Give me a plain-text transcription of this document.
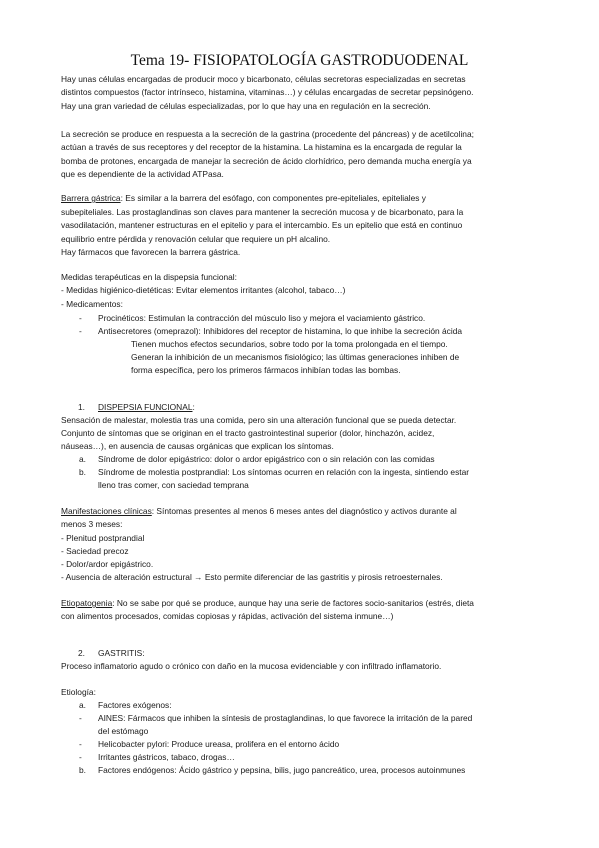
Tema 19- FISIOPATOLOGÍA GASTRODUODENAL
Hay unas células encargadas de producir moco y bicarbonato, células secretoras especializadas en secretas
distintos compuestos (factor intrínseco, histamina, vitaminas…) y células encargadas de secretar pepsinógeno.
Hay una gran variedad de células especializadas, por lo que hay una en regulación en la secreción.
La secreción se produce en respuesta a la secreción de la gastrina (procedente del páncreas) y de acetilcolina;
actúan a través de sus receptores y del receptor de la histamina. La histamina es la encargada de regular la
bomba de protones, encargada de manejar la secreción de ácido clorhídrico, pero demanda mucha energía ya
que es dependiente de la actividad ATPasa.
Barrera gástrica: Es similar a la barrera del esófago, con componentes pre-epiteliales, epiteliales y
subepiteliales. Las prostaglandinas son claves para mantener la secreción mucosa y de bicarbonato, para la
vasodilatación, mantener estructuras en el epitelio y para el intercambio. Es un epitelio que está en continuo
equilibrio entre pérdida y renovación celular que requiere un pH alcalino.
Hay fármacos que favorecen la barrera gástrica.
Medidas terapéuticas en la dispepsia funcional:
- Medidas higiénico-dietéticas: Evitar elementos irritantes (alcohol, tabaco…)
- Medicamentos:
- Procinéticos: Estimulan la contracción del músculo liso y mejora el vaciamiento gástrico.
- Antisecretores (omeprazol): Inhibidores del receptor de histamina, lo que inhibe la secreción ácida
Tienen muchos efectos secundarios, sobre todo por la toma prolongada en el tiempo.
Generan la inhibición de un mecanismos fisiológico; las últimas generaciones inhiben de
forma específica, pero los primeros fármacos inhibían todas las bombas.
1. DISPEPSIA FUNCIONAL:
Sensación de malestar, molestia tras una comida, pero sin una alteración funcional que se pueda detectar.
Conjunto de síntomas que se originan en el tracto gastrointestinal superior (dolor, hinchazón, acidez,
náuseas…), en ausencia de causas orgánicas que explican los síntomas.
a. Síndrome de dolor epigástrico: dolor o ardor epigástrico con o sin relación con las comidas
b. Síndrome de molestia postprandial: Los síntomas ocurren en relación con la ingesta, sintiendo estar
lleno tras comer, con saciedad temprana
Manifestaciones clínicas: Síntomas presentes al menos 6 meses antes del diagnóstico y activos durante al
menos 3 meses:
- Plenitud postprandial
- Saciedad precoz
- Dolor/ardor epigástrico.
- Ausencia de alteración estructural → Esto permite diferenciar de las gastritis y pirosis retroesternales.
Etiopatogenia: No se sabe por qué se produce, aunque hay una serie de factores socio-sanitarios (estrés, dieta
con alimentos procesados, comidas copiosas y rápidas, activación del sistema inmune…)
2. GASTRITIS:
Proceso inflamatorio agudo o crónico con daño en la mucosa evidenciable y con infiltrado inflamatorio.
Etiología:
a. Factores exógenos:
- AINES: Fármacos que inhiben la síntesis de prostaglandinas, lo que favorece la irritación de la pared
del estómago
- Helicobacter pylori: Produce ureasa, prolifera en el entorno ácido
- Irritantes gástricos, tabaco, drogas…
b. Factores endógenos: Ácido gástrico y pepsina, bilis, jugo pancreático, urea, procesos autoinmunes
